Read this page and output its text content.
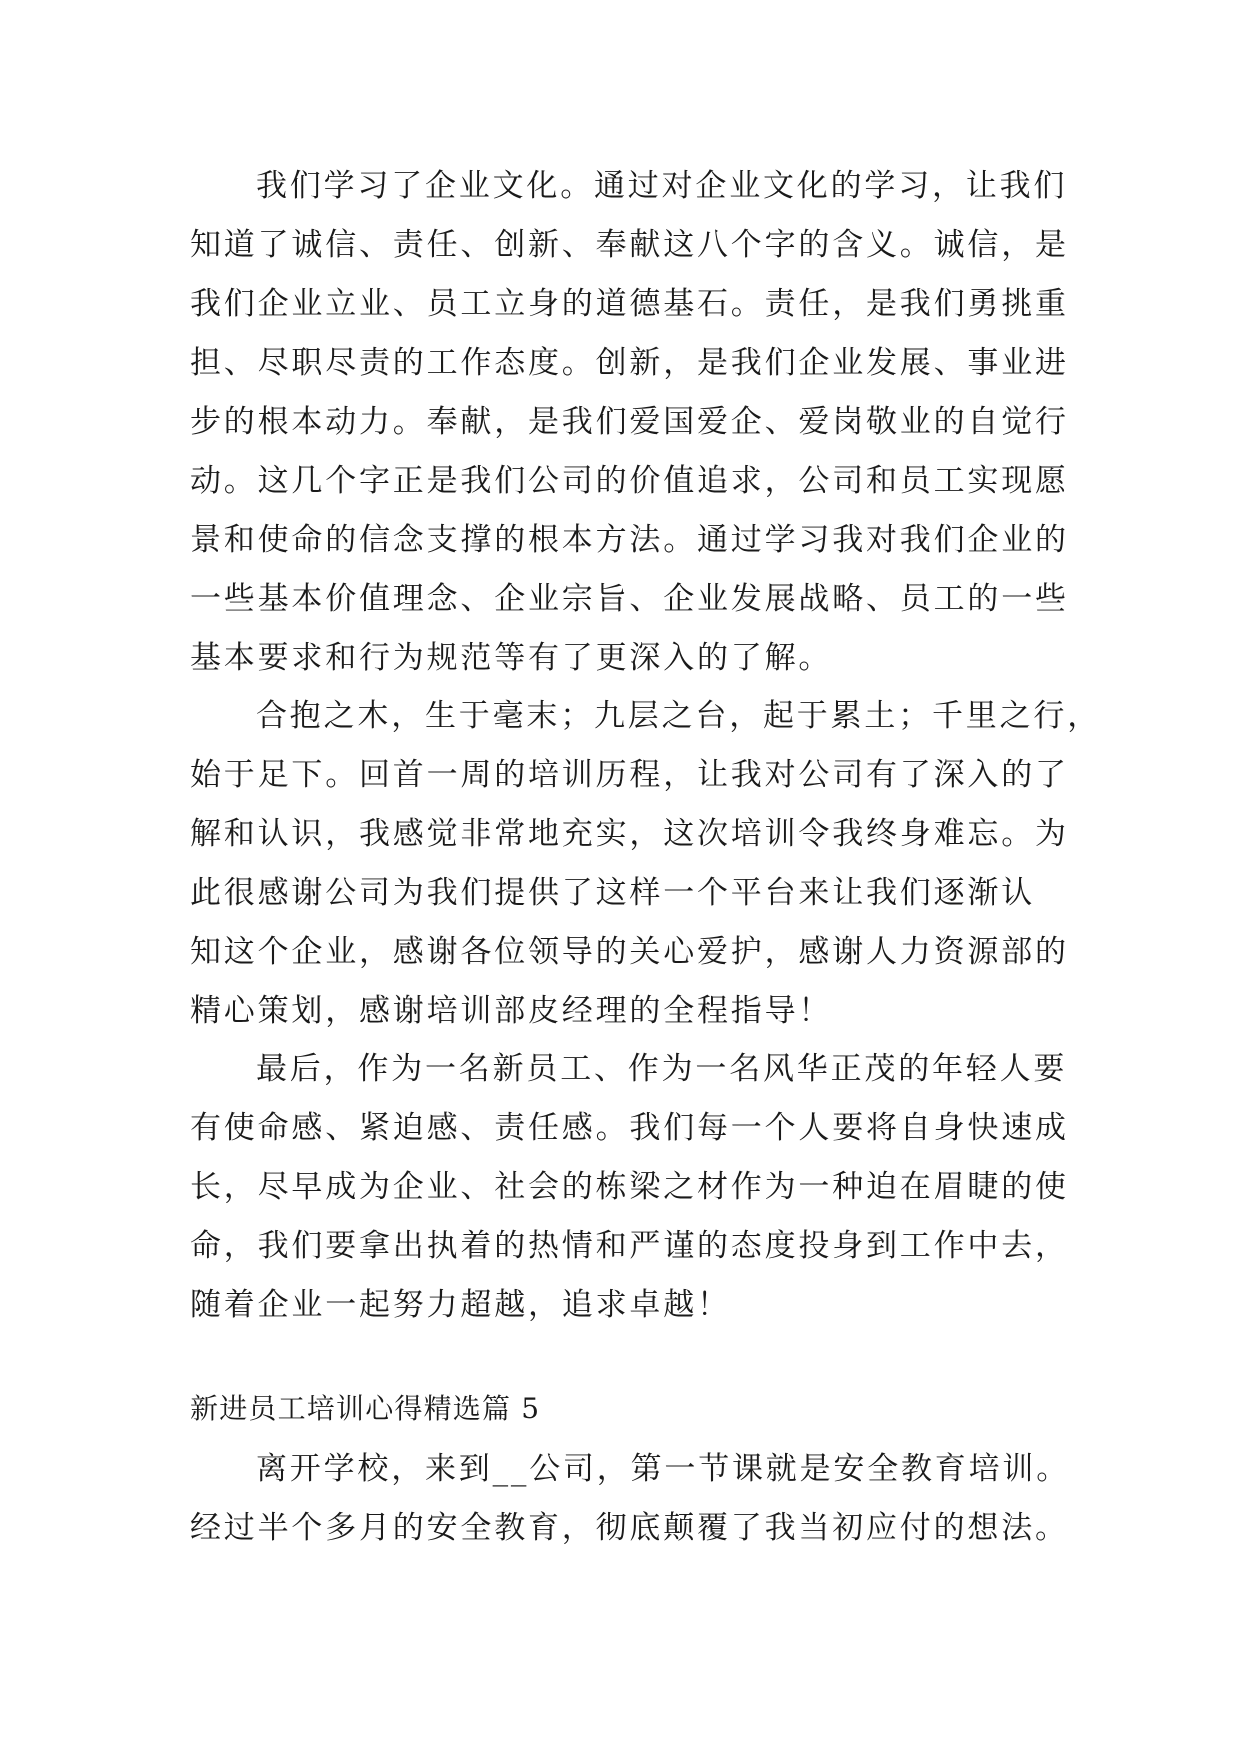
我们学习了企业文化。通过对企业文化的学习，让我们
知道了诚信、责任、创新、奉献这八个字的含义。诚信，是
我们企业立业、员工立身的道德基石。责任，是我们勇挑重
担、尽职尽责的工作态度。创新，是我们企业发展、事业进
步的根本动力。奉献，是我们爱国爱企、爱岗敬业的自觉行
动。这几个字正是我们公司的价值追求，公司和员工实现愿
景和使命的信念支撑的根本方法。通过学习我对我们企业的
一些基本价值理念、企业宗旨、企业发展战略、员工的一些
基本要求和行为规范等有了更深入的了解。
合抱之木，生于毫末；九层之台，起于累土；千里之行，
始于足下。回首一周的培训历程，让我对公司有了深入的了
解和认识，我感觉非常地充实，这次培训令我终身难忘。为
此很感谢公司为我们提供了这样一个平台来让我们逐渐认
知这个企业，感谢各位领导的关心爱护，感谢人力资源部的
精心策划，感谢培训部皮经理的全程指导！
最后，作为一名新员工、作为一名风华正茂的年轻人要
有使命感、紧迫感、责任感。我们每一个人要将自身快速成
长，尽早成为企业、社会的栋梁之材作为一种迫在眉睫的使
命，我们要拿出执着的热情和严谨的态度投身到工作中去，
随着企业一起努力超越，追求卓越！
新进员工培训心得精选篇 5
离开学校，来到__公司，第一节课就是安全教育培训。
经过半个多月的安全教育，彻底颠覆了我当初应付的想法。
